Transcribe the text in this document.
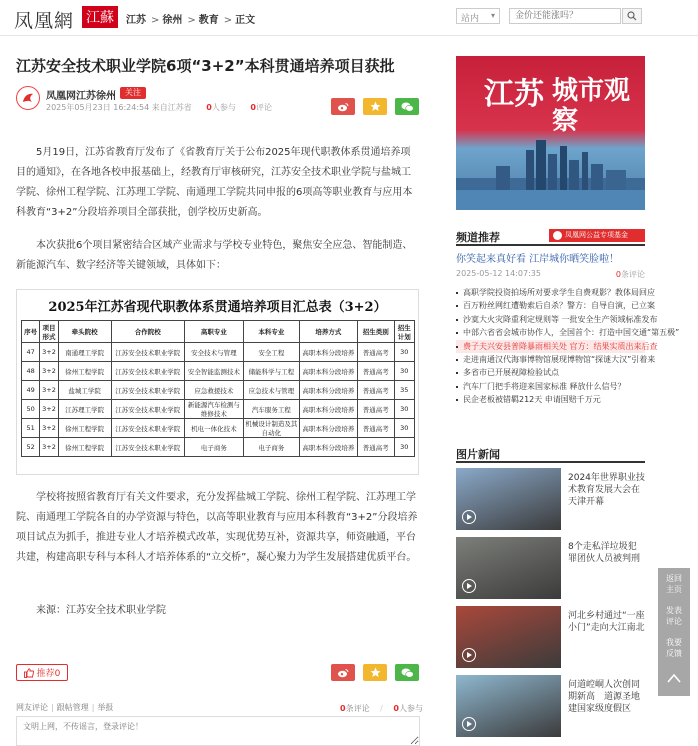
凤凰網 江蘇	江苏 > 徐州 > 教育 > 正文	站内 ▾
金价还能涨吗？
江苏安全技术职业学院6项“3+2”本科贯通培养项目获批
凤凰网江苏徐州	关注
2025年05月23日 16:24:54 来自江苏省 0人参与 0评论

5月19日，江苏省教育厅发布了《省教育厅关于公布2025年现代职教体系贯通培养项目的通知》，在各地各校申报基础上，经教育厅审核研究，江苏安全技术职业学院与盐城工学院、徐州工程学院、江苏理工学院、南通理工学院共同申报的6项高等职业教育与应用本科教育“3+2”分段培养项目全部获批，创学校历史新高。

本次获批6个项目紧密结合区域产业需求与学校专业特色，聚焦安全应急、智能制造、新能源汽车、数字经济等关键领域，具体如下：

2025年江苏省现代职教体系贯通培养项目汇总表（3+2）
序号	项目形式	牵头院校	合作院校	高职专业	本科专业	培养方式	招生类别	招生计划
47	3+2	南通理工学院	江苏安全技术职业学院	安全技术与管理	安全工程	高职本科分段培养	普通高考	30
48	3+2	徐州工程学院	江苏安全技术职业学院	安全智能监测技术	储能科学与工程	高职本科分段培养	普通高考	30
49	3+2	盐城工学院	江苏安全技术职业学院	应急救援技术	应急技术与管理	高职本科分段培养	普通高考	35
50	3+2	江苏理工学院	江苏安全技术职业学院	新能源汽车检测与维修技术	汽车服务工程	高职本科分段培养	普通高考	30
51	3+2	徐州工程学院	江苏安全技术职业学院	机电一体化技术	机械设计制造及其自动化	高职本科分段培养	普通高考	30
52	3+2	徐州工程学院	江苏安全技术职业学院	电子商务	电子商务	高职本科分段培养	普通高考	30

学校将按照省教育厅有关文件要求，充分发挥盐城工学院、徐州工程学院、江苏理工学院、南通理工学院各自的办学资源与特色，以高等职业教育与应用本科教育“3+2”分段培养项目试点为抓手，推进专业人才培养模式改革，实现优势互补，资源共享，师资融通，平台共建，构建高职专科与本科人才培养体系的“立交桥”，凝心聚力为学生发展搭建优质平台。

来源：江苏安全技术职业学院

推荐0
网友评论 | 跟帖管理 | 举报	0条评论 / 0人参与
文明上网，不传谣言，登录评论！
江苏 城市观察
频道推荐	凤凰网公益专项基金
你笑起来真好看 江岸城你晒笑脸啦！
2025-05-12 14:07:35	0条评论
高职学院投资拍场所对要求学生自费观影？教体局回应
百万粉丝网红遭勒索后自杀？警方：自导自演，已立案
沙寞大火灾降重利定规则等 一批安全生产领域标准发布
中部六省省会城市协作人，全国首个：打造中国交通“第五极”
费子夫兴安县普降暴雨相关处 官方：结果实质出来后查
走进南通汉代海事博物馆展现博物馆“探谜大汉”引着来
多省市已开展视障检验试点
汽车厂门把手将迎来国家标准 释放什么信号？
民企老板被错羁212天 申请国赔千万元
图片新闻
2024年世界职业技术教育发展大会在天津开幕
8个走私洋垃圾犯罪团伙人员被判刑
河北乡村通过“一座小门”走向大江南北
问道崆峒人次创同期新高　道源圣地建国家级度假区
返回主页
发表评论
我要反馈
